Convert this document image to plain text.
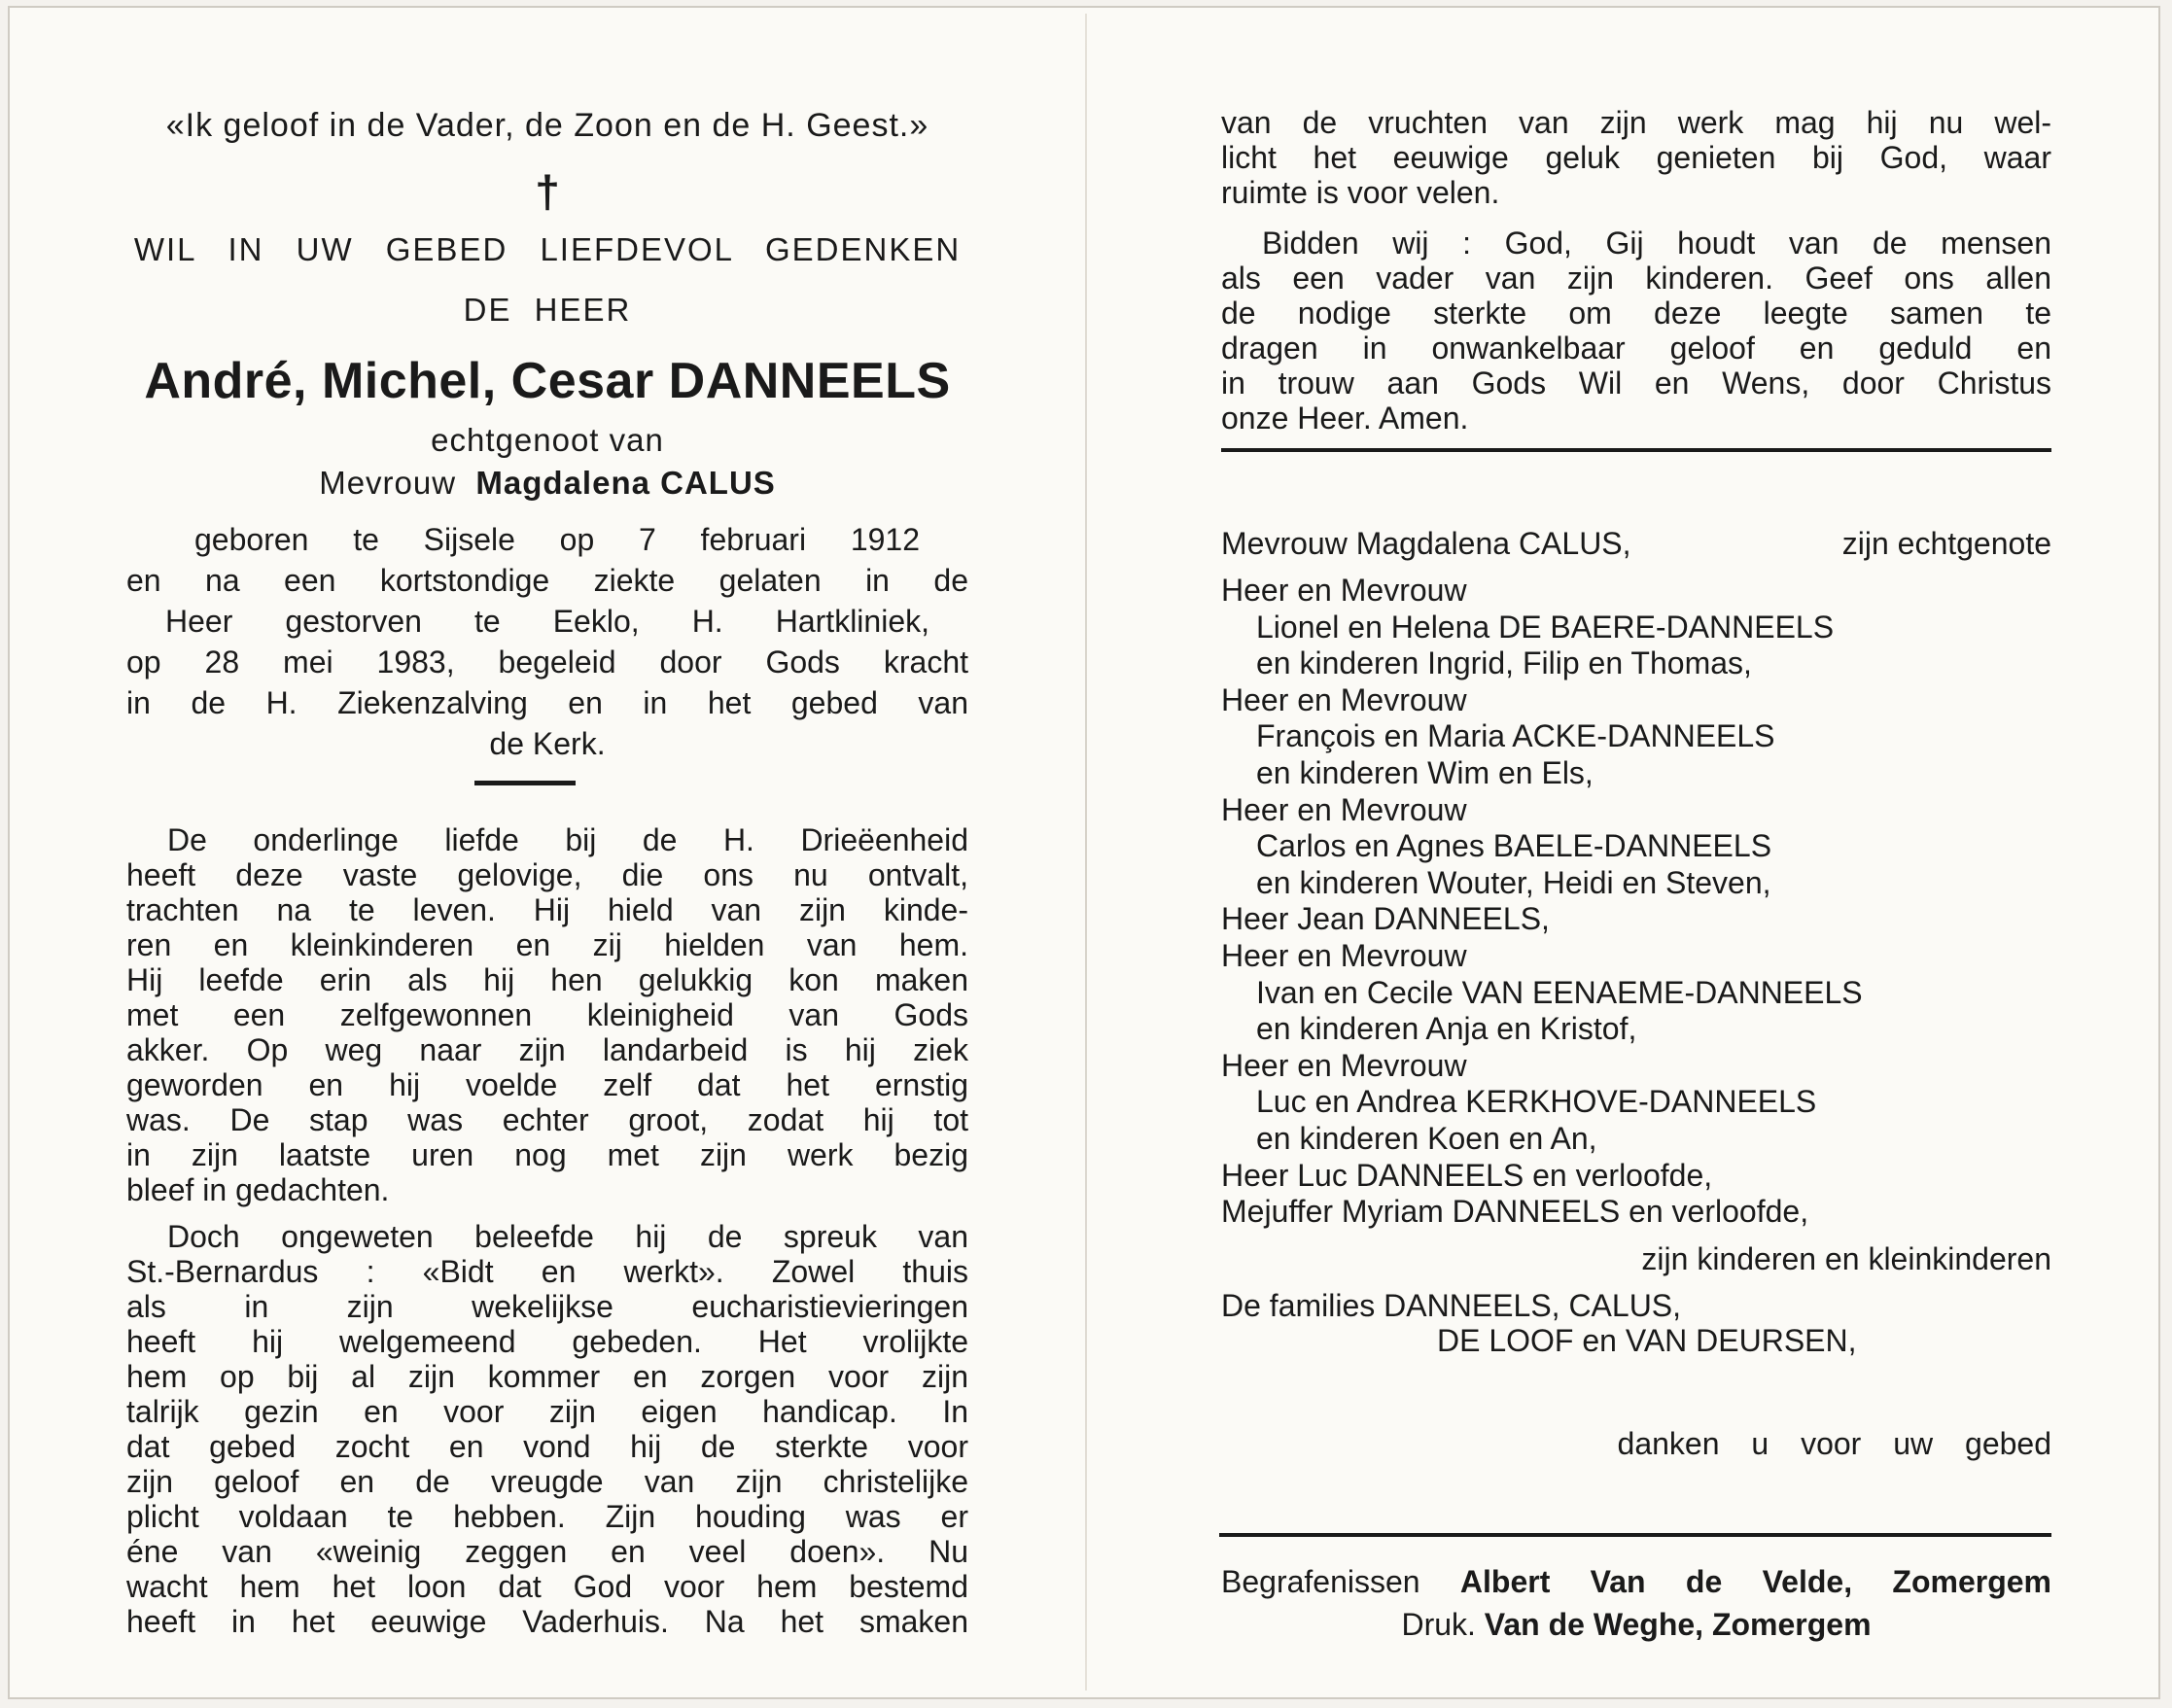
«Ik geloof in de Vader, de Zoon en de H. Geest.»
†
WIL IN UW GEBED LIEFDEVOL GEDENKEN
DE HEER
André, Michel, Cesar DANNEELS
echtgenoot van
Mevrouw Magdalena CALUS
geboren te Sijsele op 7 februari 1912
en na een kortstondige ziekte gelaten in de
Heer gestorven te Eeklo, H. Hartkliniek,
op 28 mei 1983, begeleid door Gods kracht
in de H. Ziekenzalving en in het gebed van
de Kerk.
De onderlinge liefde bij de H. Drieëenheid
heeft deze vaste gelovige, die ons nu ontvalt,
trachten na te leven. Hij hield van zijn kinde-
ren en kleinkinderen en zij hielden van hem.
Hij leefde erin als hij hen gelukkig kon maken
met een zelfgewonnen kleinigheid van Gods
akker. Op weg naar zijn landarbeid is hij ziek
geworden en hij voelde zelf dat het ernstig
was. De stap was echter groot, zodat hij tot
in zijn laatste uren nog met zijn werk bezig
bleef in gedachten.
Doch ongeweten beleefde hij de spreuk van
St.-Bernardus : «Bidt en werkt». Zowel thuis
als in zijn wekelijkse eucharistievieringen
heeft hij welgemeend gebeden. Het vrolijkte
hem op bij al zijn kommer en zorgen voor zijn
talrijk gezin en voor zijn eigen handicap. In
dat gebed zocht en vond hij de sterkte voor
zijn geloof en de vreugde van zijn christelijke
plicht voldaan te hebben. Zijn houding was er
éne van «weinig zeggen en veel doen». Nu
wacht hem het loon dat God voor hem bestemd
heeft in het eeuwige Vaderhuis. Na het smaken
van de vruchten van zijn werk mag hij nu wel-
licht het eeuwige geluk genieten bij God, waar
ruimte is voor velen.
Bidden wij : God, Gij houdt van de mensen
als een vader van zijn kinderen. Geef ons allen
de nodige sterkte om deze leegte samen te
dragen in onwankelbaar geloof en geduld en
in trouw aan Gods Wil en Wens, door Christus
onze Heer. Amen.
Mevrouw Magdalena CALUS,	zijn echtgenote
Heer en Mevrouw
Lionel en Helena DE BAERE-DANNEELS
en kinderen Ingrid, Filip en Thomas,
Heer en Mevrouw
François en Maria ACKE-DANNEELS
en kinderen Wim en Els,
Heer en Mevrouw
Carlos en Agnes BAELE-DANNEELS
en kinderen Wouter, Heidi en Steven,
Heer Jean DANNEELS,
Heer en Mevrouw
Ivan en Cecile VAN EENAEME-DANNEELS
en kinderen Anja en Kristof,
Heer en Mevrouw
Luc en Andrea KERKHOVE-DANNEELS
en kinderen Koen en An,
Heer Luc DANNEELS en verloofde,
Mejuffer Myriam DANNEELS en verloofde,
zijn kinderen en kleinkinderen
De families DANNEELS, CALUS,
DE LOOF en VAN DEURSEN,
danken u voor uw gebed
Begrafenissen Albert Van de Velde, Zomergem
Druk. Van de Weghe, Zomergem
